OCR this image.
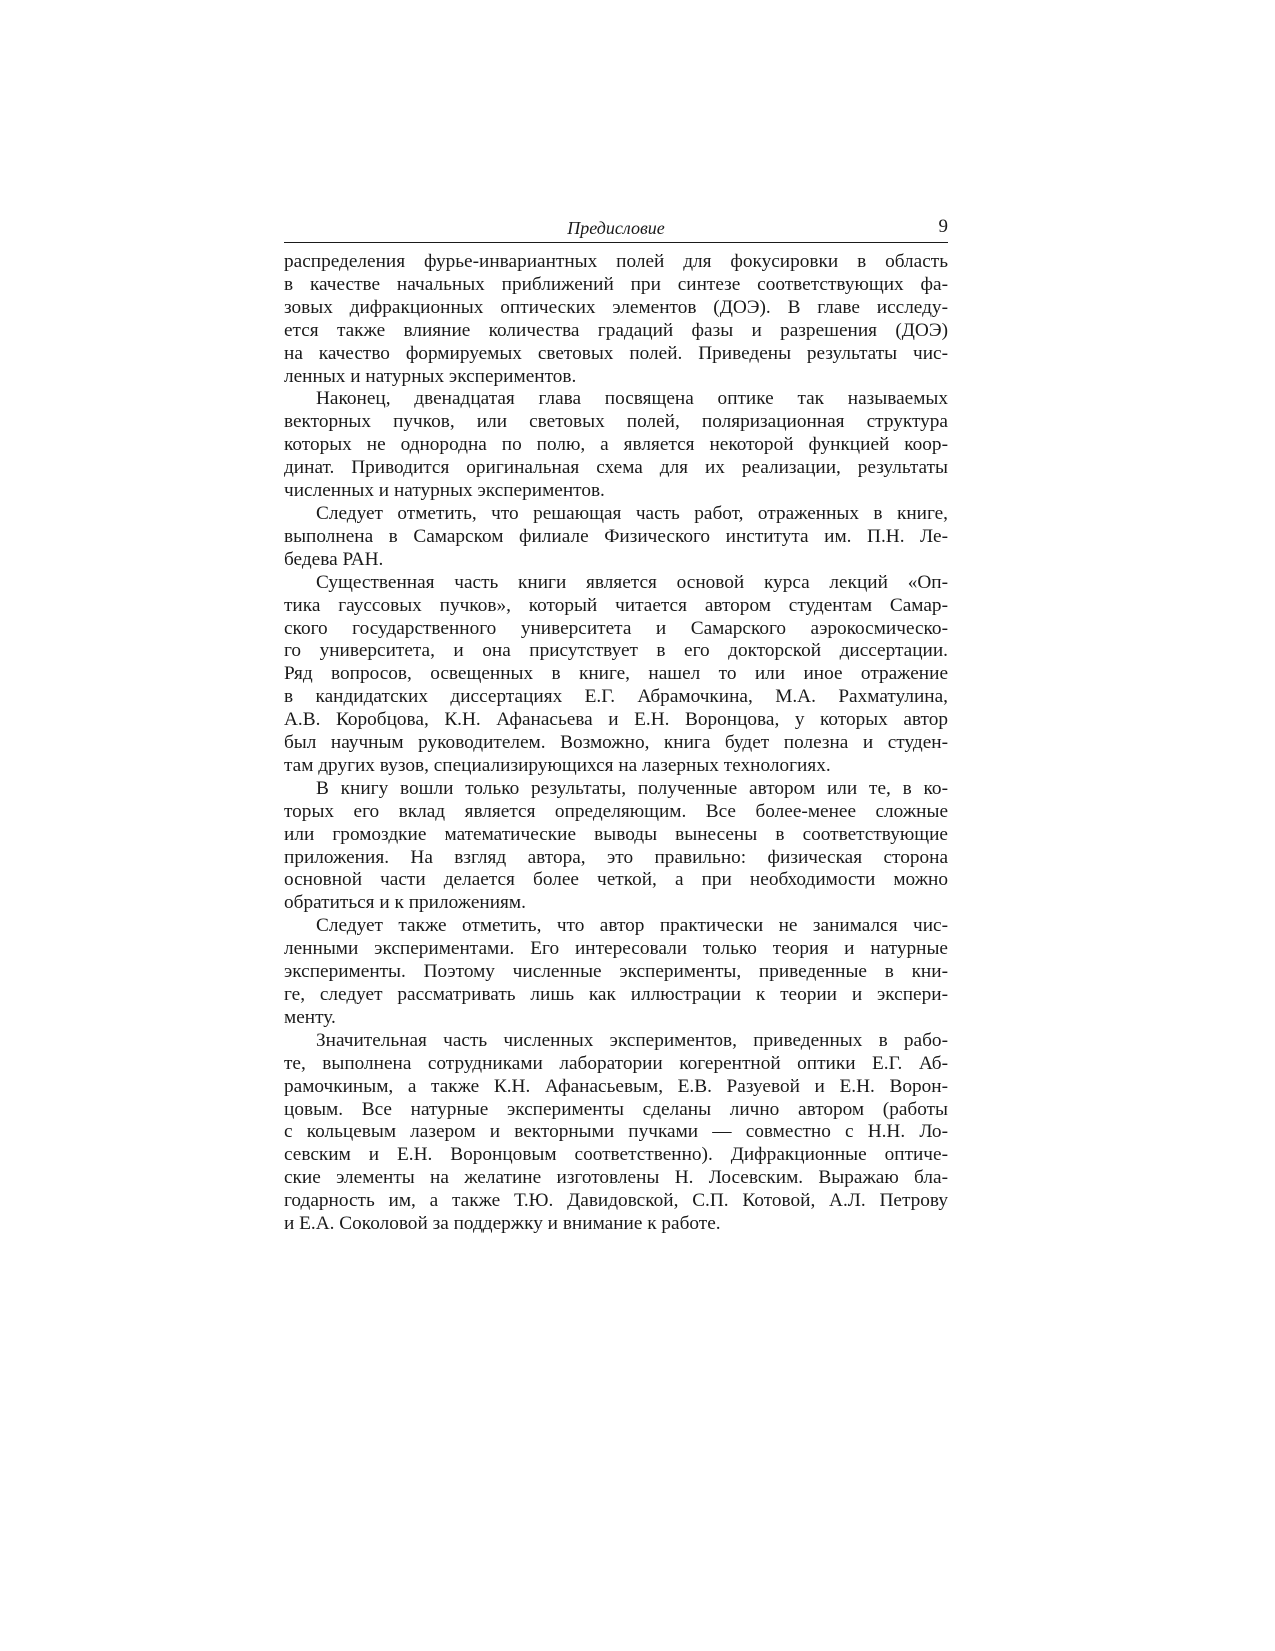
Предисловие	9

распределения фурье-инвариантных полей для фокусировки в область
в качестве начальных приближений при синтезе соответствующих фа-
зовых дифракционных оптических элементов (ДОЭ). В главе исследу-
ется также влияние количества градаций фазы и разрешения (ДОЭ)
на качество формируемых световых полей. Приведены результаты чис-
ленных и натурных экспериментов.

Наконец, двенадцатая глава посвящена оптике так называемых
векторных пучков, или световых полей, поляризационная структура
которых не однородна по полю, а является некоторой функцией коор-
динат. Приводится оригинальная схема для их реализации, результаты
численных и натурных экспериментов.

Следует отметить, что решающая часть работ, отраженных в книге,
выполнена в Самарском филиале Физического института им. П.Н. Ле-
бедева РАН.

Существенная часть книги является основой курса лекций «Оп-
тика гауссовых пучков», который читается автором студентам Самар-
ского государственного университета и Самарского аэрокосмическо-
го университета, и она присутствует в его докторской диссертации.
Ряд вопросов, освещенных в книге, нашел то или иное отражение
в кандидатских диссертациях Е.Г. Абрамочкина, М.А. Рахматулина,
А.В. Коробцова, К.Н. Афанасьева и Е.Н. Воронцова, у которых автор
был научным руководителем. Возможно, книга будет полезна и студен-
там других вузов, специализирующихся на лазерных технологиях.

В книгу вошли только результаты, полученные автором или те, в ко-
торых его вклад является определяющим. Все более-менее сложные
или громоздкие математические выводы вынесены в соответствующие
приложения. На взгляд автора, это правильно: физическая сторона
основной части делается более четкой, а при необходимости можно
обратиться и к приложениям.

Следует также отметить, что автор практически не занимался чис-
ленными экспериментами. Его интересовали только теория и натурные
эксперименты. Поэтому численные эксперименты, приведенные в кни-
ге, следует рассматривать лишь как иллюстрации к теории и экспери-
менту.

Значительная часть численных экспериментов, приведенных в рабо-
те, выполнена сотрудниками лаборатории когерентной оптики Е.Г. Аб-
рамочкиным, а также К.Н. Афанасьевым, Е.В. Разуевой и Е.Н. Ворон-
цовым. Все натурные эксперименты сделаны лично автором (работы
с кольцевым лазером и векторными пучками — совместно с Н.Н. Ло-
севским и Е.Н. Воронцовым соответственно). Дифракционные оптиче-
ские элементы на желатине изготовлены Н. Лосевским. Выражаю бла-
годарность им, а также Т.Ю. Давидовской, С.П. Котовой, А.Л. Петрову
и Е.А. Соколовой за поддержку и внимание к работе.
